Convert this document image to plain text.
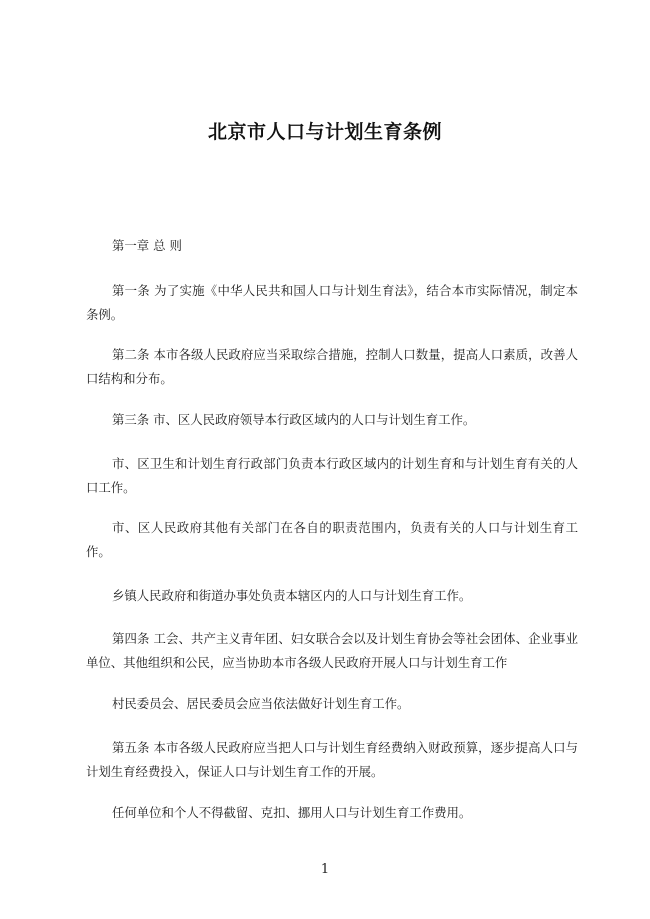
北京市人口与计划生育条例
第一章 总 则
第一条 为了实施《中华人民共和国人口与计划生育法》，结合本市实际情况，制定本条例。
第二条 本市各级人民政府应当采取综合措施，控制人口数量，提高人口素质，改善人口结构和分布。
第三条 市、区人民政府领导本行政区域内的人口与计划生育工作。
市、区卫生和计划生育行政部门负责本行政区域内的计划生育和与计划生育有关的人口工作。
市、区人民政府其他有关部门在各自的职责范围内，负责有关的人口与计划生育工作。
乡镇人民政府和街道办事处负责本辖区内的人口与计划生育工作。
第四条 工会、共产主义青年团、妇女联合会以及计划生育协会等社会团体、企业事业单位、其他组织和公民，应当协助本市各级人民政府开展人口与计划生育工作
村民委员会、居民委员会应当依法做好计划生育工作。
第五条 本市各级人民政府应当把人口与计划生育经费纳入财政预算，逐步提高人口与计划生育经费投入，保证人口与计划生育工作的开展。
任何单位和个人不得截留、克扣、挪用人口与计划生育工作费用。
1
